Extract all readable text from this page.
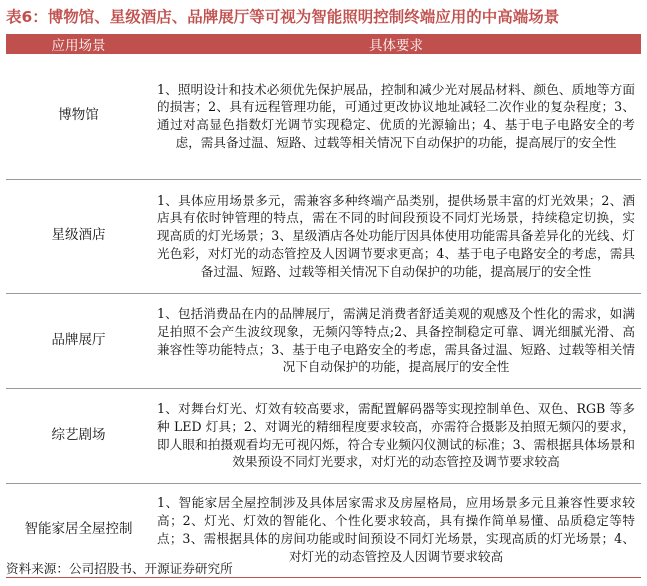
表6：博物馆、星级酒店、品牌展厅等可视为智能照明控制终端应用的中高端场景
应用场景	具体要求
博物馆	1、照明设计和技术必须优先保护展品，控制和减少光对展品材料、颜色、质地等方面的损害；2、具有远程管理功能，可通过更改协议地址减轻二次作业的复杂程度；3、通过对高显色指数灯光调节实现稳定、优质的光源输出；4、基于电子电路安全的考虑，需具备过温、短路、过载等相关情况下自动保护的功能，提高展厅的安全性
星级酒店	1、具体应用场景多元，需兼容多种终端产品类别，提供场景丰富的灯光效果；2、酒店具有依时钟管理的特点，需在不同的时间段预设不同灯光场景，持续稳定切换，实现高质的灯光场景；3、星级酒店各处功能厅因具体使用功能需具备差异化的光线、灯光色彩，对灯光的动态管控及人因调节要求更高；4、基于电子电路安全的考虑，需具备过温、短路、过载等相关情况下自动保护的功能，提高展厅的安全性
品牌展厅	1、包括消费品在内的品牌展厅，需满足消费者舒适美观的观感及个性化的需求，如满足拍照不会产生波纹现象，无频闪等特点;2、具备控制稳定可靠、调光细腻光滑、高兼容性等功能特点；3、基于电子电路安全的考虑，需具备过温、短路、过载等相关情况下自动保护的功能，提高展厅的安全性
综艺剧场	1、对舞台灯光、灯效有较高要求，需配置解码器等实现控制单色、双色、RGB 等多种 LED 灯具；2、对调光的精细程度要求较高，亦需符合摄影及拍照无频闪的要求，即人眼和拍摄观看均无可视闪烁，符合专业频闪仪测试的标准；3、需根据具体场景和效果预设不同灯光要求，对灯光的动态管控及调节要求较高
智能家居全屋控制	1、智能家居全屋控制涉及具体居家需求及房屋格局，应用场景多元且兼容性要求较高；2、灯光、灯效的智能化、个性化要求较高，具有操作简单易懂、品质稳定等特点；3、需根据具体的房间功能或时间预设不同灯光场景，实现高质的灯光场景；4、对灯光的动态管控及人因调节要求较高
资料来源：公司招股书、开源证券研究所
